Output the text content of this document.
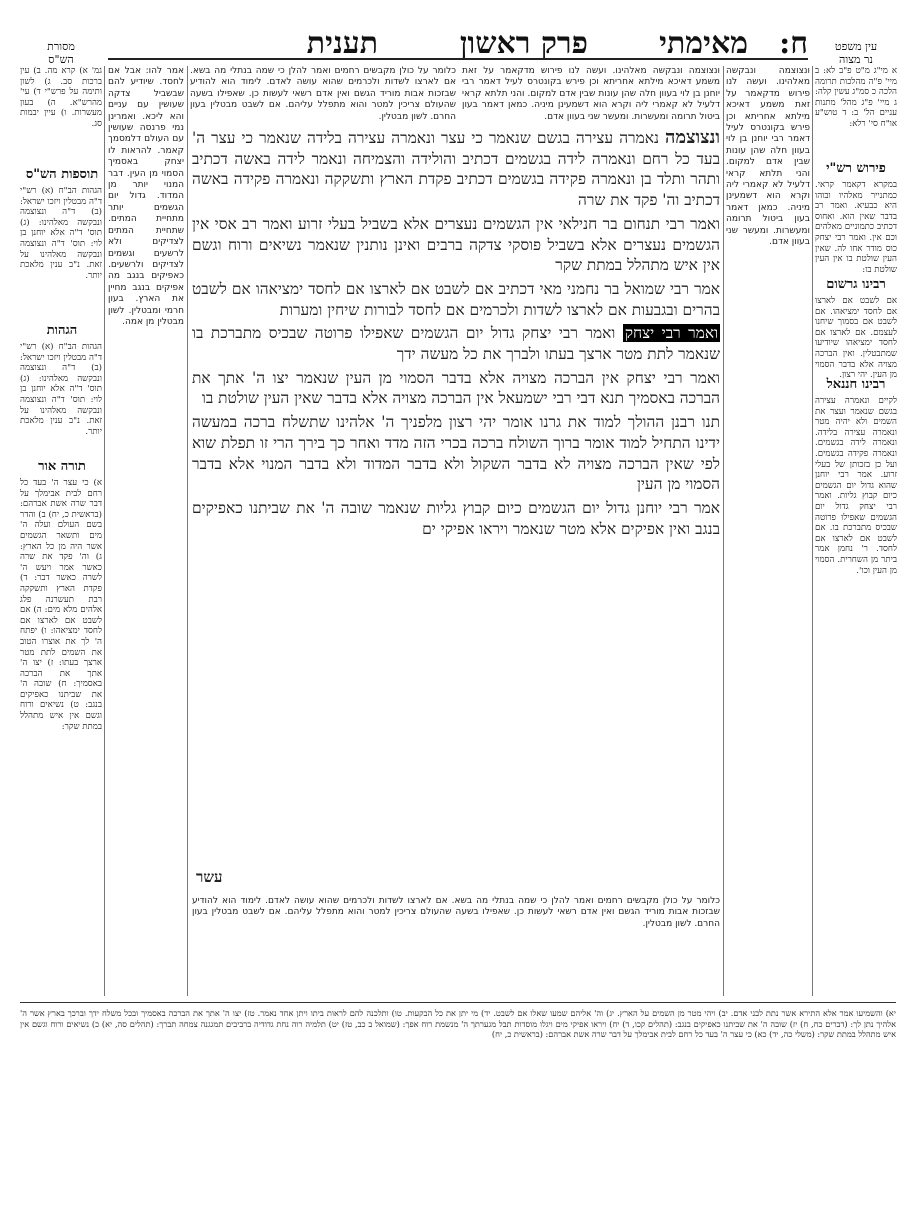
ח:
מאימתי
פרק ראשון
תענית
מסורת
הש"ס
עין משפט
נר מצוה
גמ' א) קרא מה. ב) עין ברכות סב. ג) לשון ותימה על פרש"י ד) עי' מהרש"א. ה) בעון מעשרות. ו) עיין יבמות סג.
תוספות הש"ס
הגהות הב"ח (א) רש"י ד"ה מבטלין ויזכו ישראל: (ב) ד"ה ונצוצמה ונבקשה מאלהינו: (ג) תוס' ד"ה אלא יוחנן בן לוי: תוס' ד"ה ונצוצמה ונבקשה מאלהינו על זאת. נ"ב ענין מלאכת יותר.
הגהות
הגהות הב"ח (א) רש"י ד"ה מבטלין ויזכו ישראל: (ב) ד"ה ונצוצמה ונבקשה מאלהינו: (ג) תוס' ד"ה אלא יוחנן בן לוי: תוס' ד"ה ונצוצמה ונבקשה מאלהינו על זאת. נ"ב ענין מלאכת יותר.
תורה אור
א) כי עצר ה' בעד כל רחם לבית אבימלך על דבר שרה אשת אברהם: (בראשית כ, יח) ב) והדר בשם העולם ועלה ה' מים ותשאר הגשמים אשר היה מן כל הארץ: ג) וה' פקד את שרה כאשר אמר ויעש ה' לשרה כאשר דבר: ד) פקדת הארץ ותשקקה רבת תעשרנה פלג אלהים מלא מים: ה) אם לשבט אם לארצו אם לחסד ימציאהו: ו) יפתח ה' לך את אוצרו הטוב את השמים לתת מטר ארצך בעתו: ז) יצו ה' אתך את הברכה באסמיך: ח) שובה ה' את שביתנו כאפיקים בנגב: ט) נשיאים ורוח וגשם אין איש מתהלל במתת שקר:
אמר להו: אבל אם לחסד. שיודיע להם שבשביל צדקה שעושין עם עניים והא ליכא. ואמרינן נמי פרנסה שעושין עם העולם דלמסמך קאמר. להראות לו יצחק באסמיך הסמוי מן העין. דבר המנוי יותר מן המדוד. גדול יום הגשמים יותר מתחיית המתים. שתחיית המתים לצדיקים ולא לרשעים וגשמים לצדיקים ולרשעים. כאפיקים בנגב מה אפיקים בנגב מחיין את הארץ. בעון חרמי ומבטלין. לשון מבטלין מן אמה.
כלומר על כולן מקבשים רחמים ואמר להלן כי שמה בנתלי מה בשא. אם לארצו לשדות ולכרמים שהוא עושה לאדם. לימוד הוא להודיע שבזכות אבות מוריד הגשם ואין אדם רשאי לעשות כן. שאפילו בשעה שהעולם צריכין למטר והוא מתפלל עליהם. אם לשבט מבטלין בעון החרם. לשון מבטלין.
ונצוצמה ונבקשה מאלהינו. ועשה לנו פירוש מדקאמר על זאת משמע דאיכא מילתא אחריתא וכן פירש בקונטרס לעיל דאמר רבי יוחנן בן לוי בעוון חלה שהן עונות שבין אדם למקום. והני תלתא קראי דלעיל לא קאמרי ליה וקרא הוא דשמעינן מיניה. כמאן דאמר בעון ביטול תרומה ומעשרות. ומעשר שני בעוון אדם.

ונצוצמה נאמרה עצירה בגשם שנאמר כי עצר ונאמרה עצירה בלידה שנאמר כי עצר ה' בעד כל רחם ונאמרה לידה בגשמים דכתיב והולידה והצמיחה ונאמר לידה באשה דכתיב ותהר ותלד בן ונאמרה פקידה בגשמים דכתיב פקדת הארץ ותשקקה ונאמרה פקידה באשה דכתיב וה' פקד את שרה

ואמר רבי תנחום בר חנילאי אין הגשמים נעצרים אלא בשביל בעלי זרוע ואמר רב אסי אין הגשמים נעצרים אלא בשביל פוסקי צדקה ברבים ואינן נותנין שנאמר נשיאים ורוח וגשם אין איש מתהלל במתת שקר

אמר רבי שמואל בר נחמני מאי דכתיב אם לשבט אם לארצו אם לחסד ימציאהו אם לשבט בהרים ובגבעות אם לארצו לשדות ולכרמים אם לחסד לבורות שיחין ומערות

ואמר רבי יצחק ואמר רבי יצחק גדול יום הגשמים שאפילו פרוטה שבכיס מתברכת בו שנאמר לתת מטר ארצך בעתו ולברך את כל מעשה ידך

ואמר רבי יצחק אין הברכה מצויה אלא בדבר הסמוי מן העין שנאמר יצו ה' אתך את הברכה באסמיך תנא דבי רבי ישמעאל אין הברכה מצויה אלא בדבר שאין העין שולטת בו

תנו רבנן ההולך למוד את גרנו אומר יהי רצון מלפניך ה' אלהינו שתשלח ברכה במעשה ידינו התחיל למוד אומר ברוך השולח ברכה בכרי הזה מדד ואחר כך בירך הרי זו תפלת שוא לפי שאין הברכה מצויה לא בדבר השקול ולא בדבר המדוד ולא בדבר המנוי אלא בדבר הסמוי מן העין

אמר רבי יוחנן גדול יום הגשמים כיום קבוץ גליות שנאמר שובה ה' את שביתנו כאפיקים בנגב ואין אפיקים אלא מטר שנאמר ויראו אפיקי ים

עשר
כלומר על כולן מקבשים רחמים ואמר להלן כי שמה בנתלי מה בשא. אם לארצו לשדות ולכרמים שהוא עושה לאדם. לימוד הוא להודיע שבזכות אבות מוריד הגשם ואין אדם רשאי לעשות כן. שאפילו בשעה שהעולם צריכין למטר והוא מתפלל עליהם. אם לשבט מבטלין בעון החרם. לשון מבטלין.
ונצוצמה ונבקשה מאלהינו. ועשה לנו פירוש מדקאמר על זאת משמע דאיכא מילתא אחריתא וכן פירש בקונטרס לעיל דאמר רבי יוחנן בן לוי בעוון חלה שהן עונות שבין אדם למקום. והני תלתא קראי דלעיל לא קאמרי ליה וקרא הוא דשמעינן מיניה. כמאן דאמר בעון ביטול תרומה ומעשרות. ומעשר שני בעוון אדם.
א מי"ג מ"ט פ"ב לא: ב מיי' פ"ה מהלכות תרומה הלכה כ סמ"ג עשין קלה: ג מיי' פ"ג מהל' מתנות עניים הל' ב: ד טוש"ע או"ח סי' רלא:
פירוש רש"י
במקרא דקאמר קראי. כמתנייר מאלהיו ובוהו היא כבעיא. ואמר רב בדבר שאין הוא. ואחוס דכתיב כתמוניים מאלהים וכם אין. ואמר רבי יצחק כוס מודר אחו לה. שאין העין שולטת בו אין העין שולטת בו:
רבינו גרשום
אם לשבט אם לארצו אם לחסד ימציאהו. אם לשבט אם בסמוך שיחנו לעצמם. אם לארצו אם לחסד ימציאהו שיודיעו שמתבטלין. ואין הברכה מצויה אלא בדבר הסמוי מן העין. יהי רצון.
רבינו חננאל
לקיים ונאמרה עצירה בגשם שנאמר ועצר את השמים ולא יהיה מטר ונאמרה עצירה בלידה. ונאמרה לידה בגשמים. ונאמרה פקידה בגשמים. ועל כן בזכותן של בעלי זרוע. אמר רבי יוחנן שהוא גדול יום הגשמים כיום קבוץ גליות. ואמר רבי יצחק גדול יום הגשמים שאפילו פרוטה שבכיס מתברכת בו. אם לשבט אם לארצו אם לחסד. ר' נחמן אמר ביתר מן השחרית. הסמוי מן העין וכו'.
יא) והשמיעו אמר אלא התירא אשר נתת לבני אדם. יב) ויהי מטר מן השמים על הארץ. יג) וה' אליהם שמעו שאלו אם לשבט. יד) מי יתן את כל הבקעות. טו) ותלכנה להם לראות ביתו ויתן אחד נאמר. טז) יצו ה' אתך את הברכה באסמיך ובכל משלח ידך וברכך בארץ אשר ה' אלהיך נתן לך: (דברים כח, ח) יז) שובה ה' את שביתנו כאפיקים בנגב: (תהלים קכו, ד) יח) ויראו אפיקי מים ויגלו מוסדות תבל מגערתך ה' מנשמת רוח אפך: (שמואל ב כב, טז) יט) תלמיה רוה נחת גדודיה ברביבים תמגגנה צמחה תברך: (תהלים סה, יא) כ) נשיאים ורוח וגשם אין איש מתהלל במתת שקר: (משלי כה, יד) כא) כי עצר ה' בעד כל רחם לבית אבימלך על דבר שרה אשת אברהם: (בראשית כ, יח)
